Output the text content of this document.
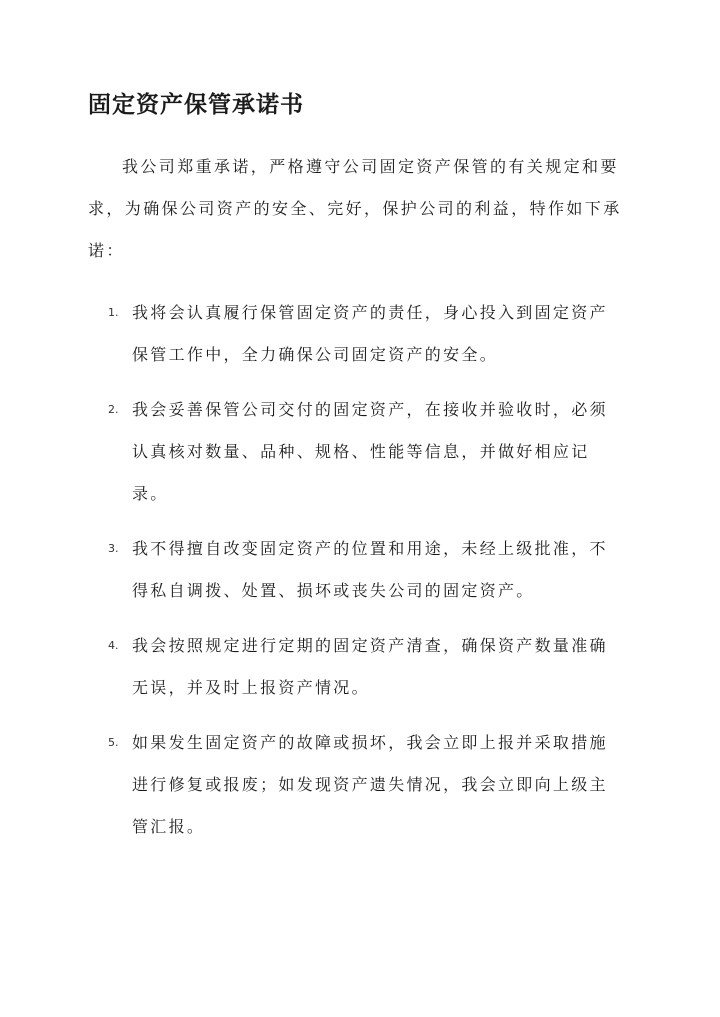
固定资产保管承诺书

我公司郑重承诺，严格遵守公司固定资产保管的有关规定和要求，为确保公司资产的安全、完好，保护公司的利益，特作如下承诺：

1. 我将会认真履行保管固定资产的责任，身心投入到固定资产保管工作中，全力确保公司固定资产的安全。
2. 我会妥善保管公司交付的固定资产，在接收并验收时，必须认真核对数量、品种、规格、性能等信息，并做好相应记录。
3. 我不得擅自改变固定资产的位置和用途，未经上级批准，不得私自调拨、处置、损坏或丧失公司的固定资产。
4. 我会按照规定进行定期的固定资产清查，确保资产数量准确无误，并及时上报资产情况。
5. 如果发生固定资产的故障或损坏，我会立即上报并采取措施进行修复或报废；如发现资产遗失情况，我会立即向上级主管汇报。
